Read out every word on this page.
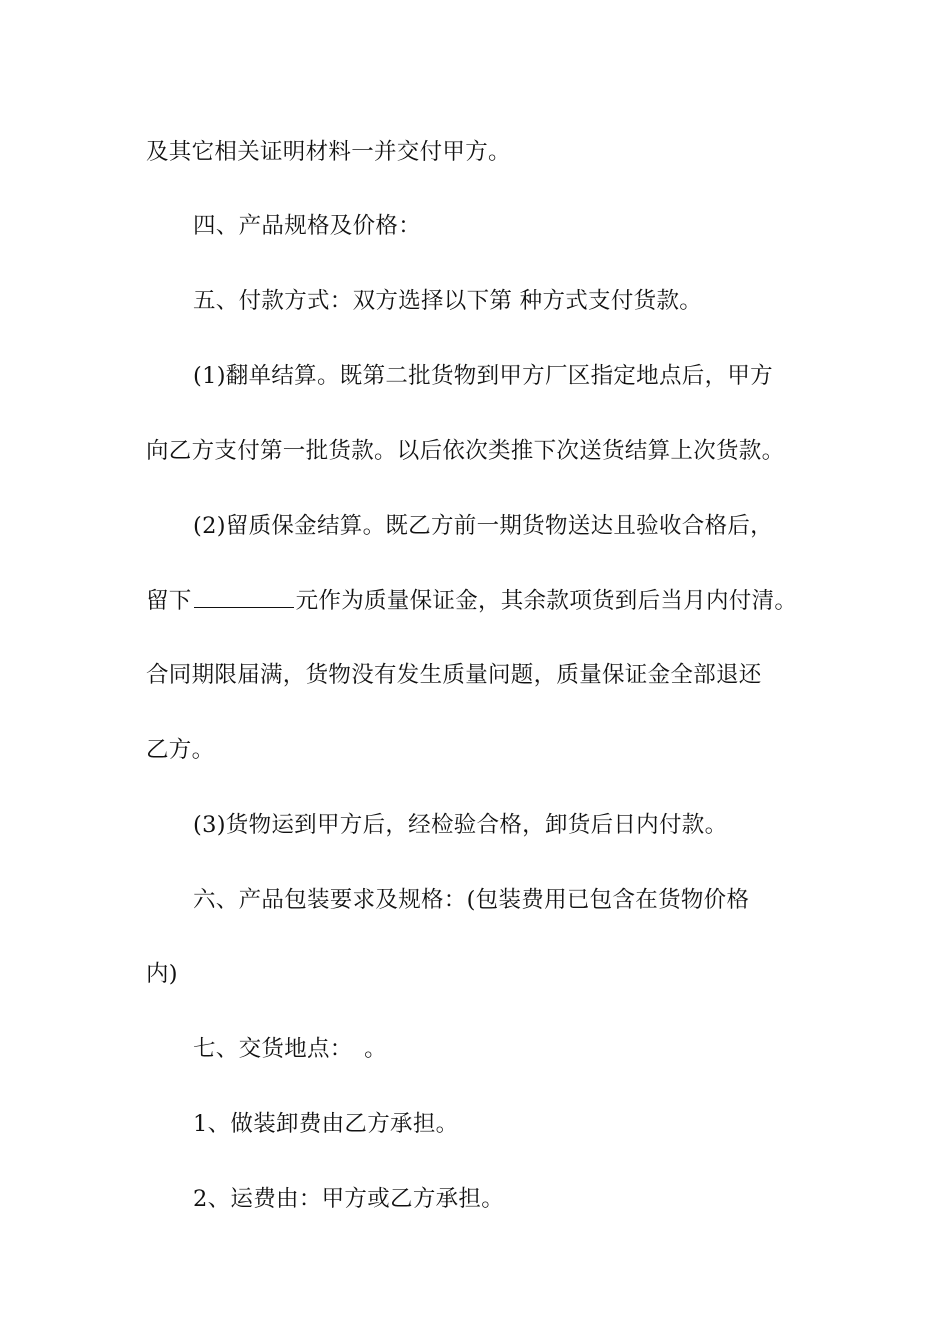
及其它相关证明材料一并交付甲方。
四、产品规格及价格：
五、付款方式：双方选择以下第 种方式支付货款。
(1)翻单结算。既第二批货物到甲方厂区指定地点后，甲方
向乙方支付第一批货款。以后依次类推下次送货结算上次货款。
(2)留质保金结算。既乙方前一期货物送达且验收合格后，
留下	元作为质量保证金，其余款项货到后当月内付清。
合同期限届满，货物没有发生质量问题，质量保证金全部退还
乙方。
(3)货物运到甲方后，经检验合格，卸货后日内付款。
六、产品包装要求及规格：(包装费用已包含在货物价格
内)
七、交货地点：　。
1、做装卸费由乙方承担。
2、运费由：甲方或乙方承担。
